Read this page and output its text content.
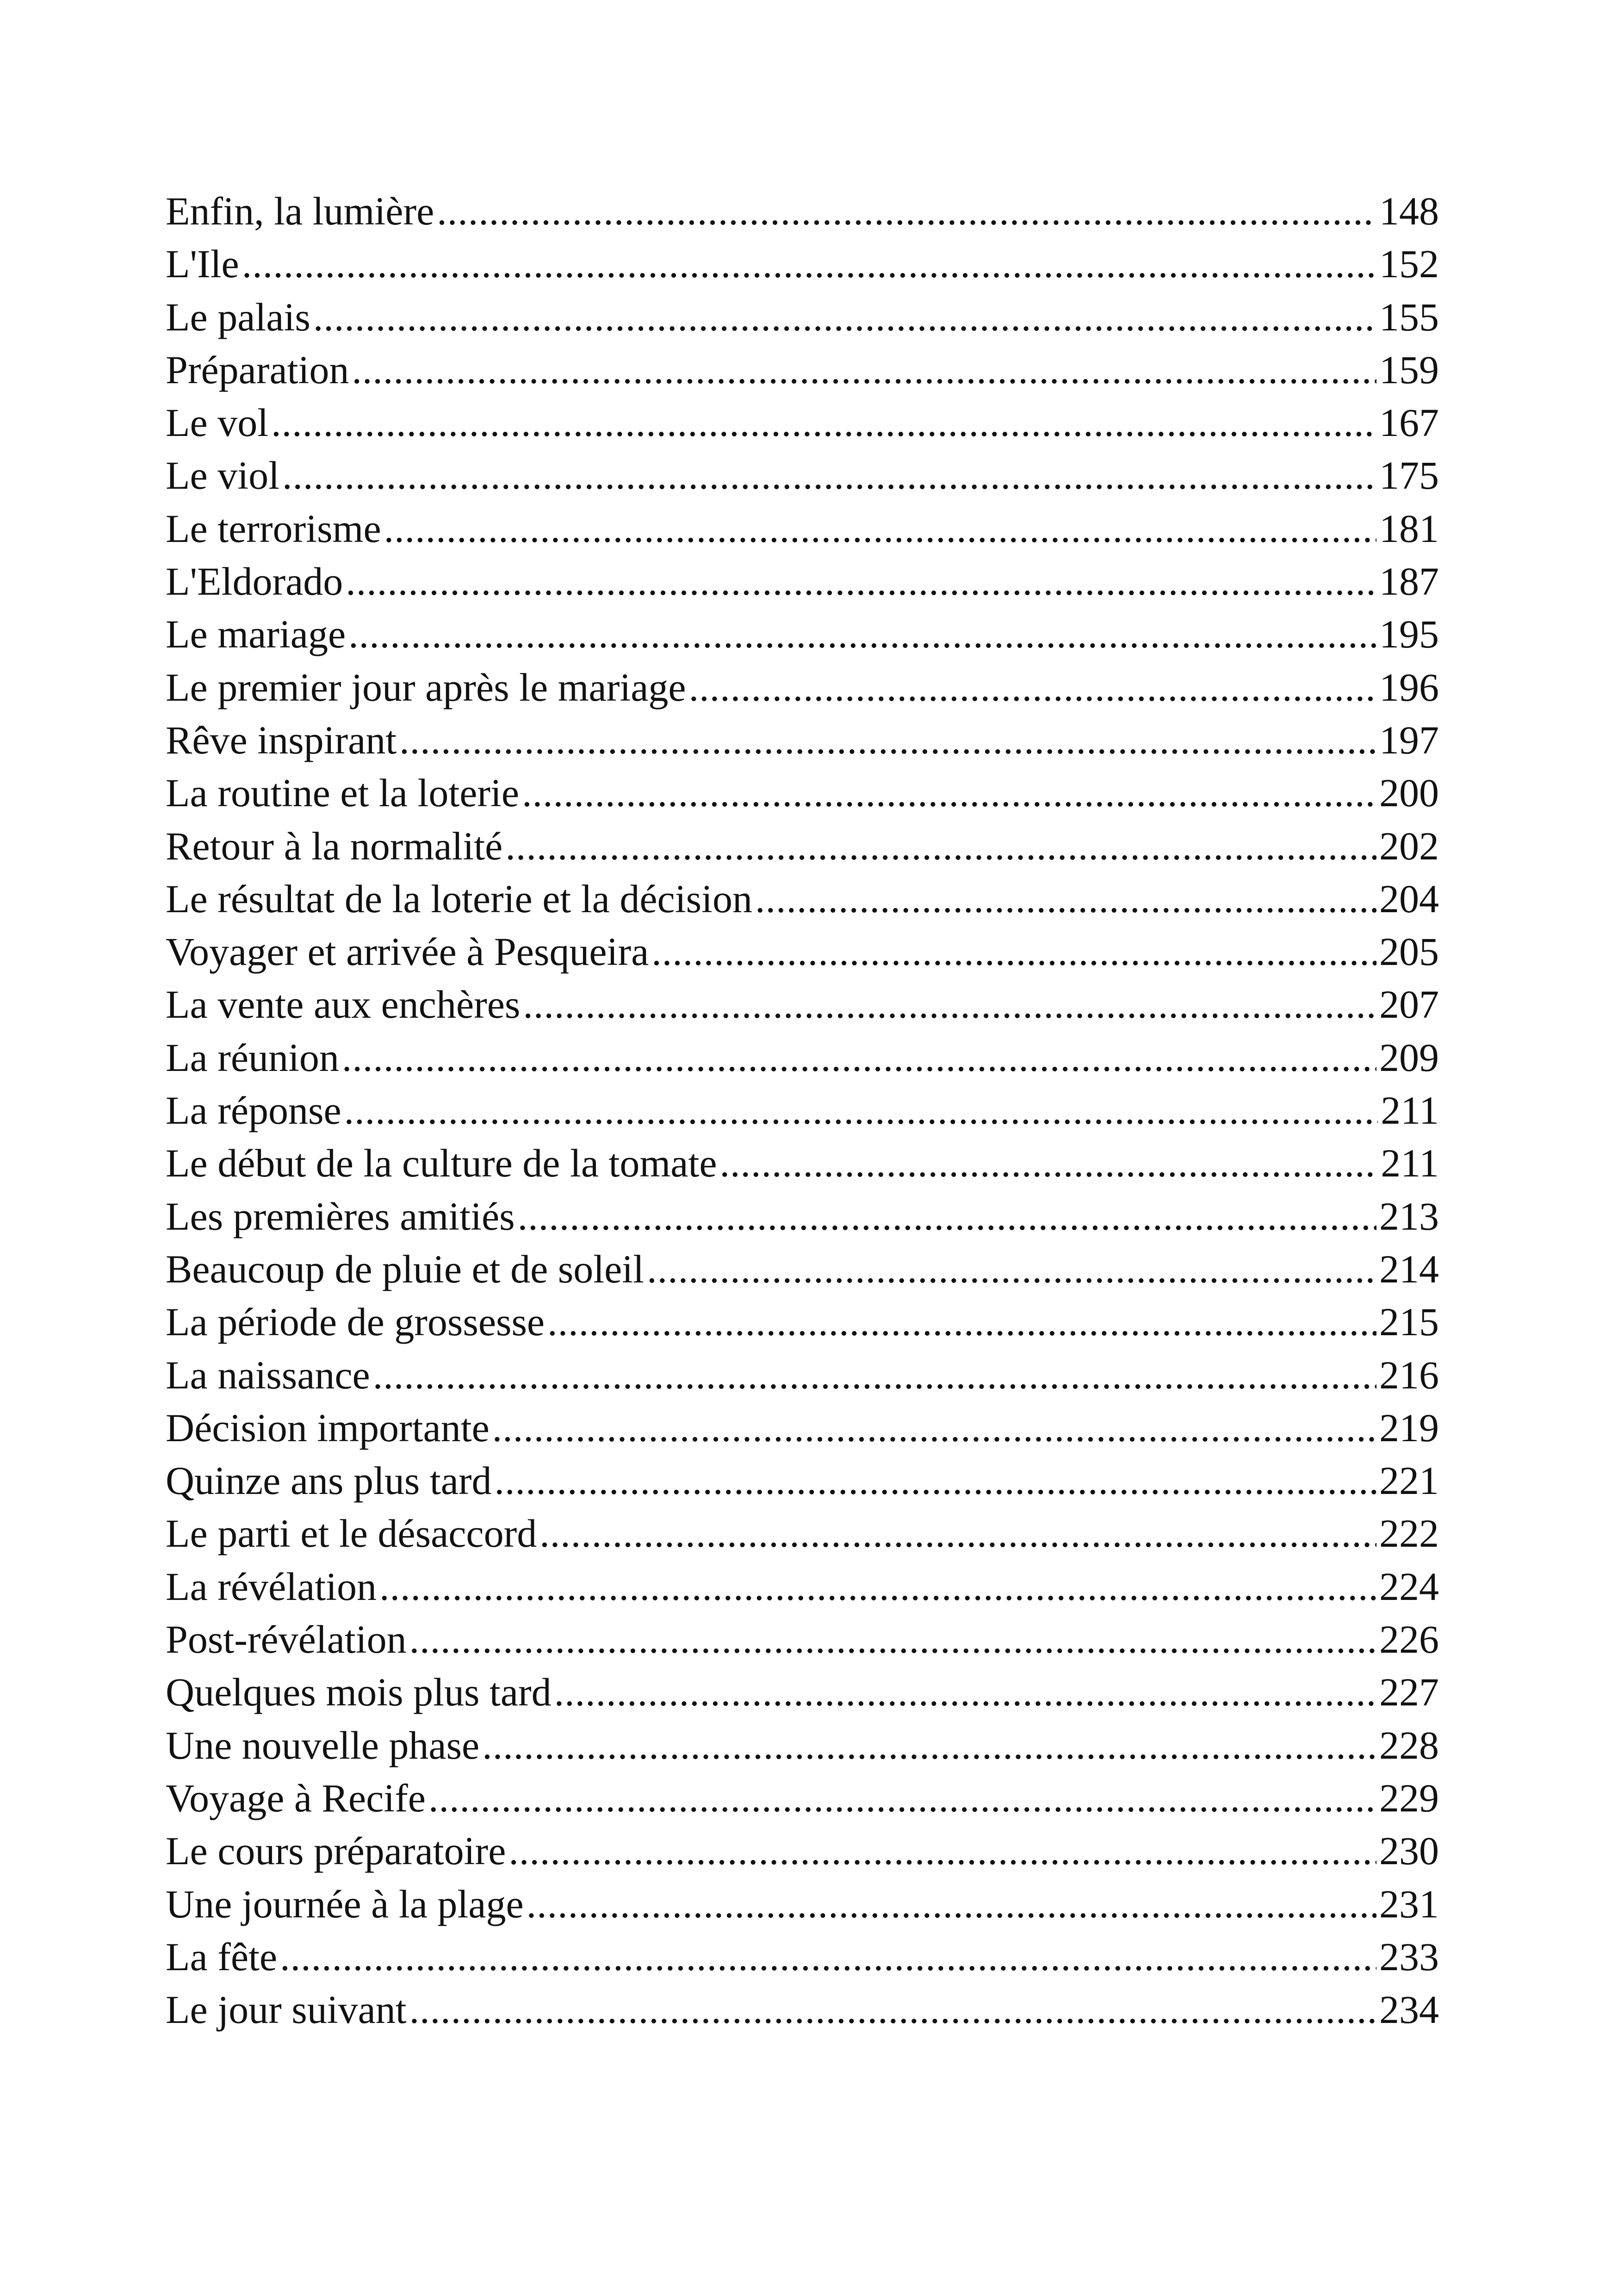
Enfin, la lumière .....	148
L'Ile .....	152
Le palais .....	155
Préparation .....	159
Le vol .....	167
Le viol .....	175
Le terrorisme .....	181
L'Eldorado .....	187
Le mariage .....	195
Le premier jour après le mariage .....	196
Rêve inspirant .....	197
La routine et la loterie .....	200
Retour à la normalité .....	202
Le résultat de la loterie et la décision .....	204
Voyager et arrivée à Pesqueira .....	205
La vente aux enchères .....	207
La réunion .....	209
La réponse .....	211
Le début de la culture de la tomate .....	211
Les premières amitiés .....	213
Beaucoup de pluie et de soleil .....	214
La période de grossesse .....	215
La naissance .....	216
Décision importante .....	219
Quinze ans plus tard .....	221
Le parti et le désaccord .....	222
La révélation .....	224
Post-révélation .....	226
Quelques mois plus tard .....	227
Une nouvelle phase .....	228
Voyage à Recife .....	229
Le cours préparatoire .....	230
Une journée à la plage .....	231
La fête .....	233
Le jour suivant .....	234
